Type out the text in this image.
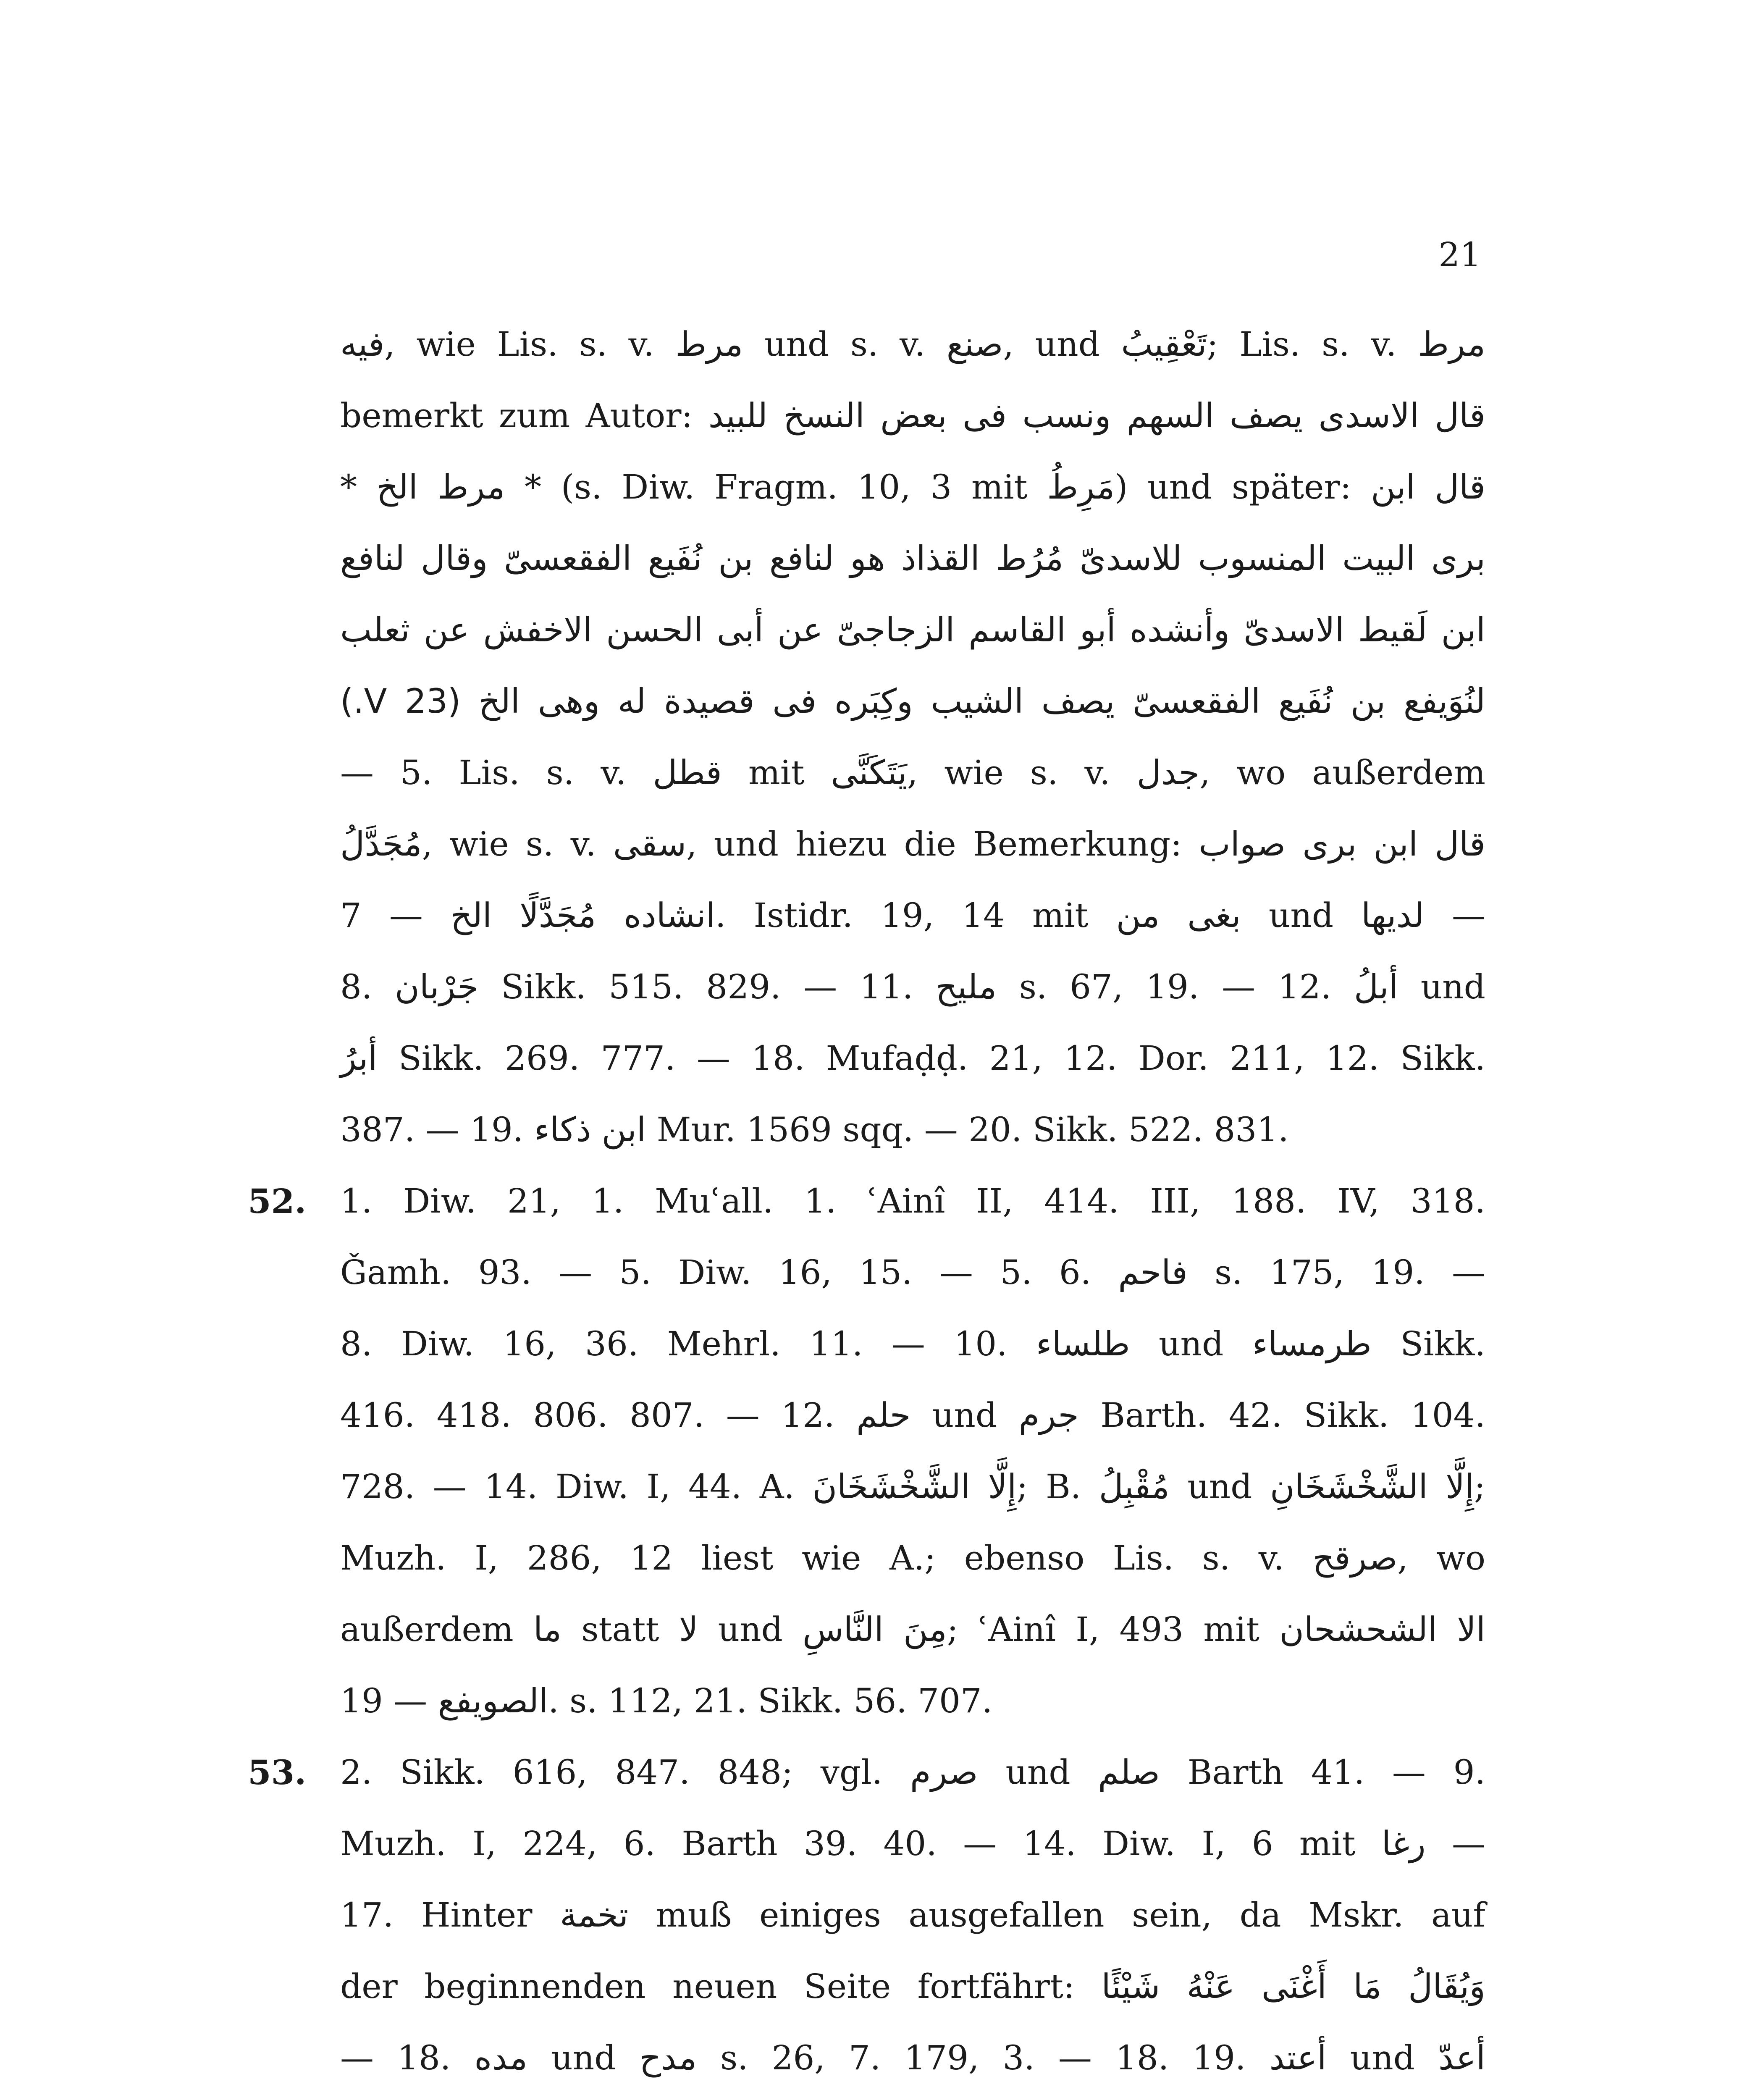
21

فيه, wie Lis. s. v. مرط und s. v. صنع, und تَعْقِيبُ; Lis. s. v. مرط
bemerkt zum Autor: قال الاسدى يصف السهم ونسب فى بعض النسخ للبيد
* مرط الخ * (s. Diw. Fragm. 10, 3 mit مَرِطُ) und später: قال ابن
برى البيت المنسوب للاسدىّ مُرُط القذاذ هو لنافع بن نُفَيع الفقعسىّ وقال لنافع
ابن لَقيط الاسدىّ وأنشده أبو القاسم الزجاجىّ عن أبى الحسن الاخفش عن ثعلب
لنُوَيفع بن نُفَيع الفقعسىّ يصف الشيب وكِبَره فى قصيدة له وهى الخ (23 V.)
— 5. Lis. s. v. قطل mit يَتَكَنَّى, wie s. v. جدل, wo außerdem
مُجَدَّلُ, wie s. v. سقى, und hiezu die Bemerkung: قال ابن برى صواب
انشاده مُجَدَّلًا الخ — 7. Istidr. 19, 14 mit بغى من und لديها —
8. جَرْبان Sikk. 515. 829. — 11. مليح s. 67, 19. — 12. أبلُ und
أبرُ Sikk. 269. 777. — 18. Mufaḍḍ. 21, 12. Dor. 211, 12. Sikk.
387. — 19. ابن ذكاء Mur. 1569 sqq. — 20. Sikk. 522. 831.

52. 1. Diw. 21, 1. Muʿall. 1. ʿAinî II, 414. III, 188. IV, 318.
Ǧamh. 93. — 5. Diw. 16, 15. — 5. 6. فاحم s. 175, 19. —
8. Diw. 16, 36. Mehrl. 11. — 10. طلساء und طرمساء Sikk.
416. 418. 806. 807. — 12. حلم und جرم Barth. 42. Sikk. 104.
728. — 14. Diw. I, 44. A. إِلَّا الشَّخْشَخَانَ; B. مُقْبِلُ und إِلَّا الشَّخْشَخَانِ;
Muzh. I, 286, 12 liest wie A.; ebenso Lis. s. v. صرقح, wo
außerdem ما statt لا und مِنَ النَّاسِ; ʿAinî I, 493 mit الا الشحشحان
الصويفع — 19. s. 112, 21. Sikk. 56. 707.

53. 2. Sikk. 616, 847. 848; vgl. صرم und صلم Barth 41. — 9.
Muzh. I, 224, 6. Barth 39. 40. — 14. Diw. I, 6 mit رغا —
17. Hinter تخمة muß einiges ausgefallen sein, da Mskr. auf
der beginnenden neuen Seite fortfährt: وَيُقَالُ مَا أَغْنَى عَنْهُ شَيْئًا
— 18. مده und مدح s. 26, 7. 179, 3. — 18. 19. أعتد und أعدّ
